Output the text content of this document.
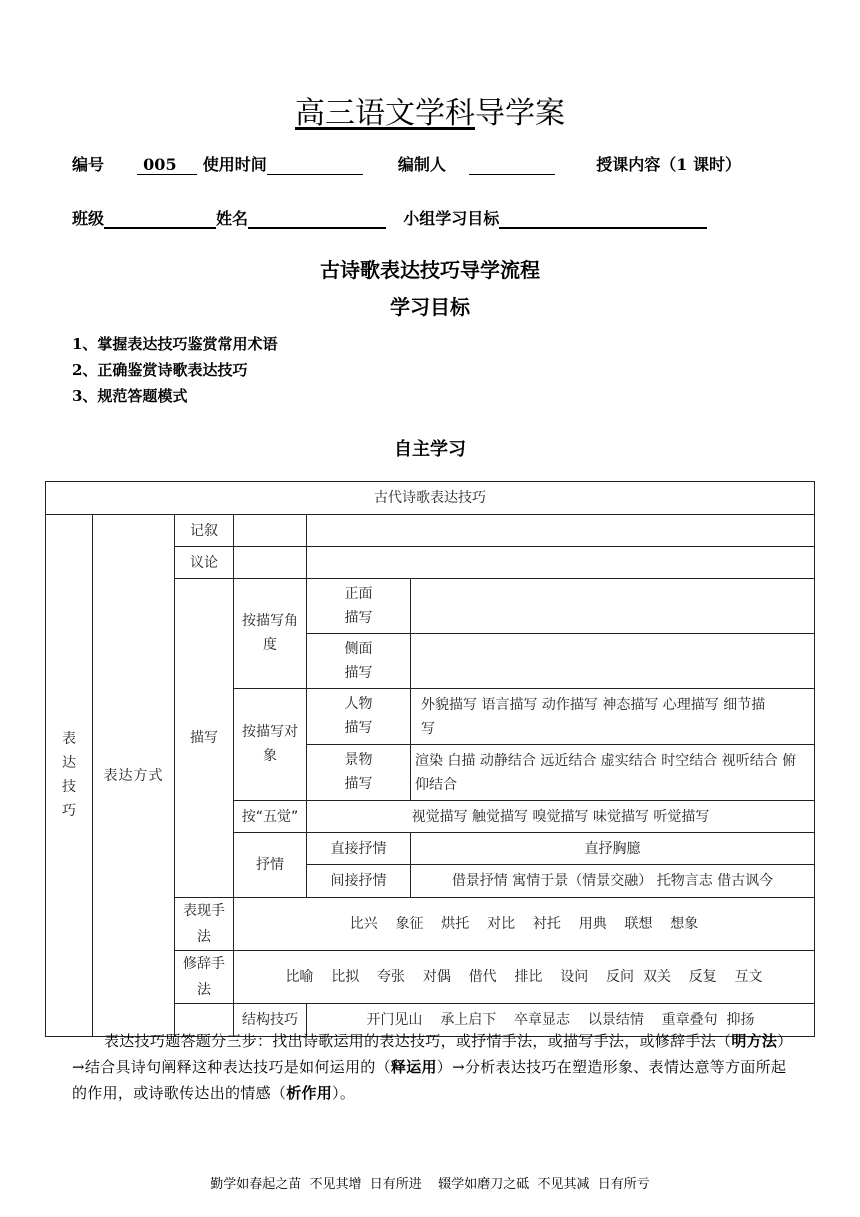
高三语文学科导学案
编号 005 使用时间	编制人	授课内容（1 课时）
班级	姓名	小组学习目标
古诗歌表达技巧导学流程
学习目标
1、掌握表达技巧鉴赏常用术语
2、正确鉴赏诗歌表达技巧
3、规范答题模式
自主学习
古代诗歌表达技巧					
表达技巧	表达方式	记叙			
		议论			
		描写	按描写角度	正面描写	
				侧面描写	
			按描写对象	人物描写	外貌描写 语言描写 动作描写 神态描写 心理描写 细节描写
				景物描写	渲染 白描 动静结合 远近结合 虚实结合 时空结合 视听结合 俯仰结合
			按“五觉”	视觉描写 触觉描写 嗅觉描写 味觉描写 听觉描写	
			抒情	直接抒情	直抒胸臆
				间接抒情	借景抒情 寓情于景（情景交融） 托物言志 借古讽今
		表现手法	比兴    象征    烘托    对比    衬托    用典    联想    想象		
		修辞手法	比喻    比拟    夸张    对偶    借代    排比    设问    反问  双关    反复    互文		
			结构技巧	开门见山    承上启下    卒章显志    以景结情    重章叠句  抑扬	
表达技巧题答题分三步：找出诗歌运用的表达技巧，或抒情手法，或描写手法，或修辞手法（明方法）→结合具诗句阐释这种表达技巧是如何运用的（释运用）→分析表达技巧在塑造形象、表情达意等方面所起的作用，或诗歌传达出的情感（析作用）。
勤学如春起之苗  不见其增  日有所进    辍学如磨刀之砥  不见其减  日有所亏
